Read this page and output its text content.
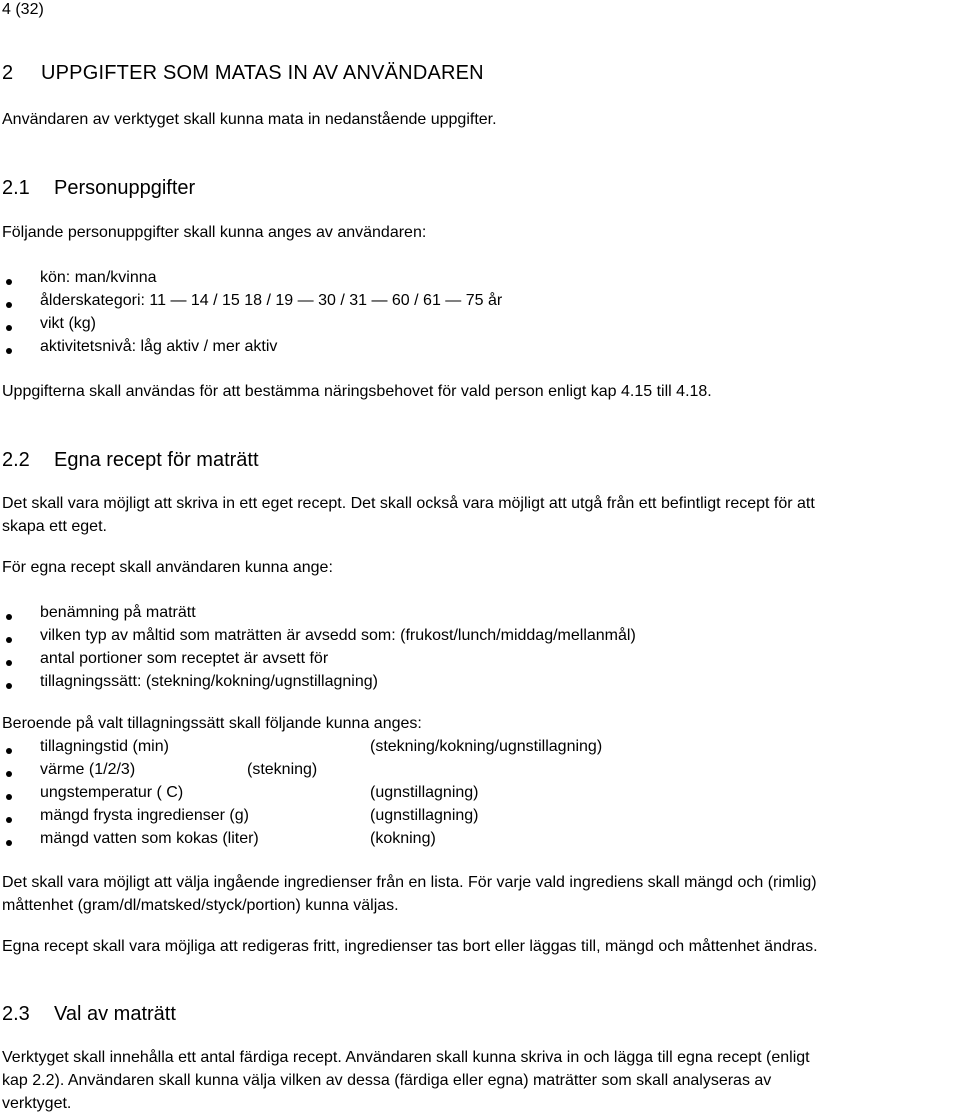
4 (32)
2 UPPGIFTER SOM MATAS IN AV ANVÄNDAREN
Användaren av verktyget skall kunna mata in nedanstående uppgifter.
2.1 Personuppgifter
Följande personuppgifter skall kunna anges av användaren:
kön: man/kvinna
ålderskategori: 11 — 14 / 15 18 / 19 — 30 / 31 — 60 / 61 — 75 år
vikt (kg)
aktivitetsnivå: låg aktiv / mer aktiv
Uppgifterna skall användas för att bestämma näringsbehovet för vald person enligt kap 4.15 till 4.18.
2.2 Egna recept för maträtt
Det skall vara möjligt att skriva in ett eget recept. Det skall också vara möjligt att utgå från ett befintligt recept för att
skapa ett eget.
För egna recept skall användaren kunna ange:
benämning på maträtt
vilken typ av måltid som maträtten är avsedd som: (frukost/lunch/middag/mellanmål)
antal portioner som receptet är avsett för
tillagningssätt: (stekning/kokning/ugnstillagning)
Beroende på valt tillagningssätt skall följande kunna anges:
tillagningstid (min)	(stekning/kokning/ugnstillagning)
värme (1/2/3)	(stekning)
ungstemperatur ( C)	(ugnstillagning)
mängd frysta ingredienser (g)	(ugnstillagning)
mängd vatten som kokas (liter)	(kokning)
Det skall vara möjligt att välja ingående ingredienser från en lista. För varje vald ingrediens skall mängd och (rimlig)
måttenhet (gram/dl/matsked/styck/portion) kunna väljas.
Egna recept skall vara möjliga att redigeras fritt, ingredienser tas bort eller läggas till, mängd och måttenhet ändras.
2.3 Val av maträtt
Verktyget skall innehålla ett antal färdiga recept. Användaren skall kunna skriva in och lägga till egna recept (enligt
kap 2.2). Användaren skall kunna välja vilken av dessa (färdiga eller egna) maträtter som skall analyseras av
verktyget.
